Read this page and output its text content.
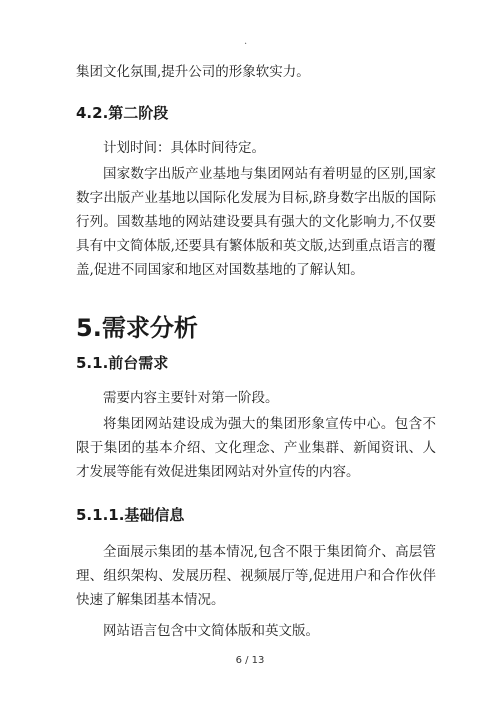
.

集团文化氛围,提升公司的形象软实力。

4.2.第二阶段

计划时间：具体时间待定。

国家数字出版产业基地与集团网站有着明显的区别,国家数字出版产业基地以国际化发展为目标,跻身数字出版的国际行列。国数基地的网站建设要具有强大的文化影响力,不仅要具有中文简体版,还要具有繁体版和英文版,达到重点语言的覆盖,促进不同国家和地区对国数基地的了解认知。

5.需求分析
5.1.前台需求

需要内容主要针对第一阶段。

将集团网站建设成为强大的集团形象宣传中心。包含不限于集团的基本介绍、文化理念、产业集群、新闻资讯、人才发展等能有效促进集团网站对外宣传的内容。

5.1.1.基础信息

全面展示集团的基本情况,包含不限于集团简介、高层管理、组织架构、发展历程、视频展厅等,促进用户和合作伙伴快速了解集团基本情况。

网站语言包含中文简体版和英文版。

6 / 13
